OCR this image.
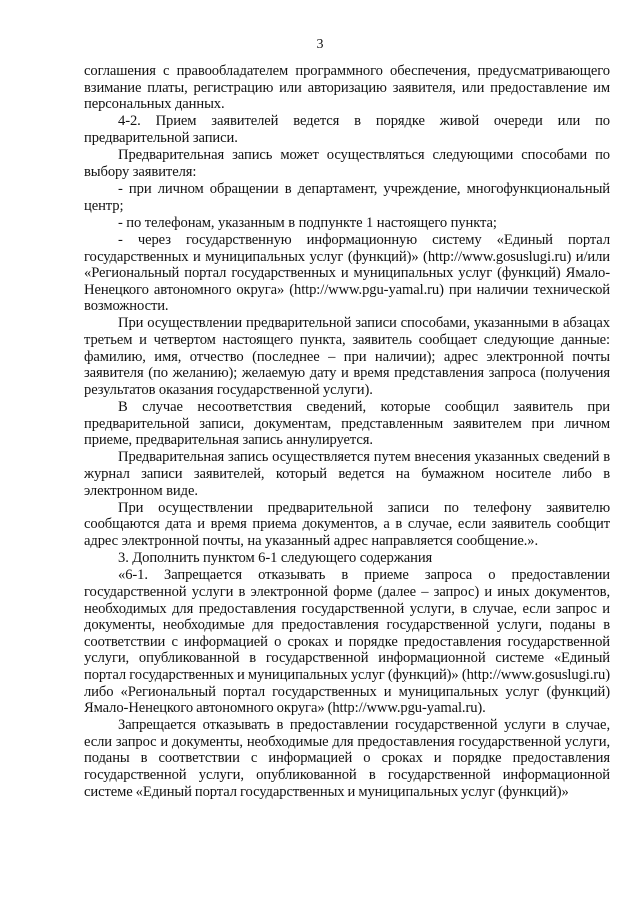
3

соглашения с правообладателем программного обеспечения, предусматривающего взимание платы, регистрацию или авторизацию заявителя, или предоставление им персональных данных.

4-2. Прием заявителей ведется в порядке живой очереди или по предварительной записи.

Предварительная запись может осуществляться следующими способами по выбору заявителя:

- при личном обращении в департамент, учреждение, многофункциональный центр;

- по телефонам, указанным в подпункте 1 настоящего пункта;

- через государственную информационную систему «Единый портал государственных и муниципальных услуг (функций)» (http://www.gosuslugi.ru) и/или «Региональный портал государственных и муниципальных услуг (функций) Ямало-Ненецкого автономного округа» (http://www.pgu-yamal.ru) при наличии технической возможности.

При осуществлении предварительной записи способами, указанными в абзацах третьем и четвертом настоящего пункта, заявитель сообщает следующие данные: фамилию, имя, отчество (последнее – при наличии); адрес электронной почты заявителя (по желанию); желаемую дату и время представления запроса (получения результатов оказания государственной услуги).

В случае несоответствия сведений, которые сообщил заявитель при предварительной записи, документам, представленным заявителем при личном приеме, предварительная запись аннулируется.

Предварительная запись осуществляется путем внесения указанных сведений в журнал записи заявителей, который ведется на бумажном носителе либо в электронном виде.

При осуществлении предварительной записи по телефону заявителю сообщаются дата и время приема документов, а в случае, если заявитель сообщит адрес электронной почты, на указанный адрес направляется сообщение.».

3. Дополнить пунктом 6-1 следующего содержания

«6-1. Запрещается отказывать в приеме запроса о предоставлении государственной услуги в электронной форме (далее – запрос) и иных документов, необходимых для предоставления государственной услуги, в случае, если запрос и документы, необходимые для предоставления государственной услуги, поданы в соответствии с информацией о сроках и порядке предоставления государственной услуги, опубликованной в государственной информационной системе «Единый портал государственных и муниципальных услуг (функций)» (http://www.gosuslugi.ru) либо «Региональный портал государственных и муниципальных услуг (функций) Ямало-Ненецкого автономного округа» (http://www.pgu-yamal.ru).

Запрещается отказывать в предоставлении государственной услуги в случае, если запрос и документы, необходимые для предоставления государственной услуги, поданы в соответствии с информацией о сроках и порядке предоставления государственной услуги, опубликованной в государственной информационной системе «Единый портал государственных и муниципальных услуг (функций)»
